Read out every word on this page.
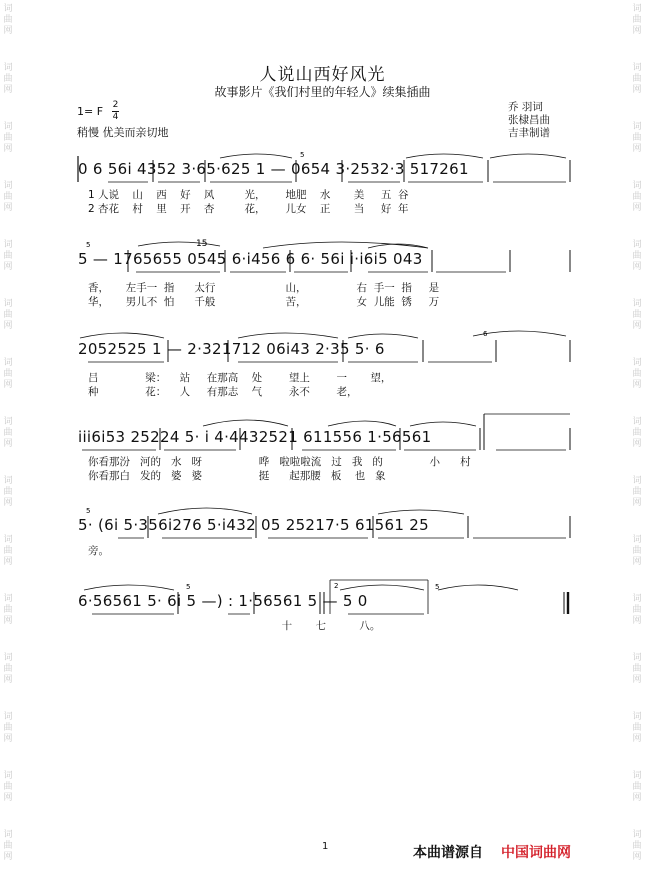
词
曲
网
词
曲
网
词
曲
网
词
曲
网
词
曲
网
词
曲
网
词
曲
网
词
曲
网
词
曲
网
词
曲
网
词
曲
网
词
曲
网
词
曲
网
词
曲
网
词
曲
网
词
曲
网
词
曲
网
词
曲
网
词
曲
网
词
曲
网
词
曲
网
词
曲
网
词
曲
网
词
曲
网
词
曲
网
词
曲
网
词
曲
网
词
曲
网
词
曲
网
词
曲
网
人说山西好风光
故事影片《我们村里的年轻人》续集插曲
1= F 2
4
稍慢 优美而亲切地
乔 羽词
张棣昌曲
吉聿制谱
5
0 6 56i 4352 3·65·625 1 — 0654 3·2532·3 517261
1 人说    山    西    好    风         光，      地肥    水       美     五  谷
2 杏花    村    里    开    杏         花，      儿女    正       当     好  年
5	15
5 — 1765655 0545 6·i456 6 6· 56i i·i6i5 043
香，     左手一  指      太行                     山，               右  手一  指     是
华，     男儿不  怕      千般                     苦，               女  儿能  锈     万
6
2052525 1 — 2·321712 06i43 2·35 5· 6
吕              梁：    站     在那高    处        望上        一       望，
种              花：    人     有那志    气        永不        老，
iii6i53 25224 5· i 4·4432521 611556 1·56561
你看那汾   河的   水   呀                 哗   啦啦啦流   过   我   的              小      村
你看那白   发的   婆   婆                 挺      起那腰   板    也   象
5
5· (6i 5·356i276 5·i432 05 25217·5 61561 25
旁。
5	2	5
6·56561 5· 6i 5 —) : 1·56561 5 — 5 0
十       七          八。
1	本曲谱源自 中国词曲网
